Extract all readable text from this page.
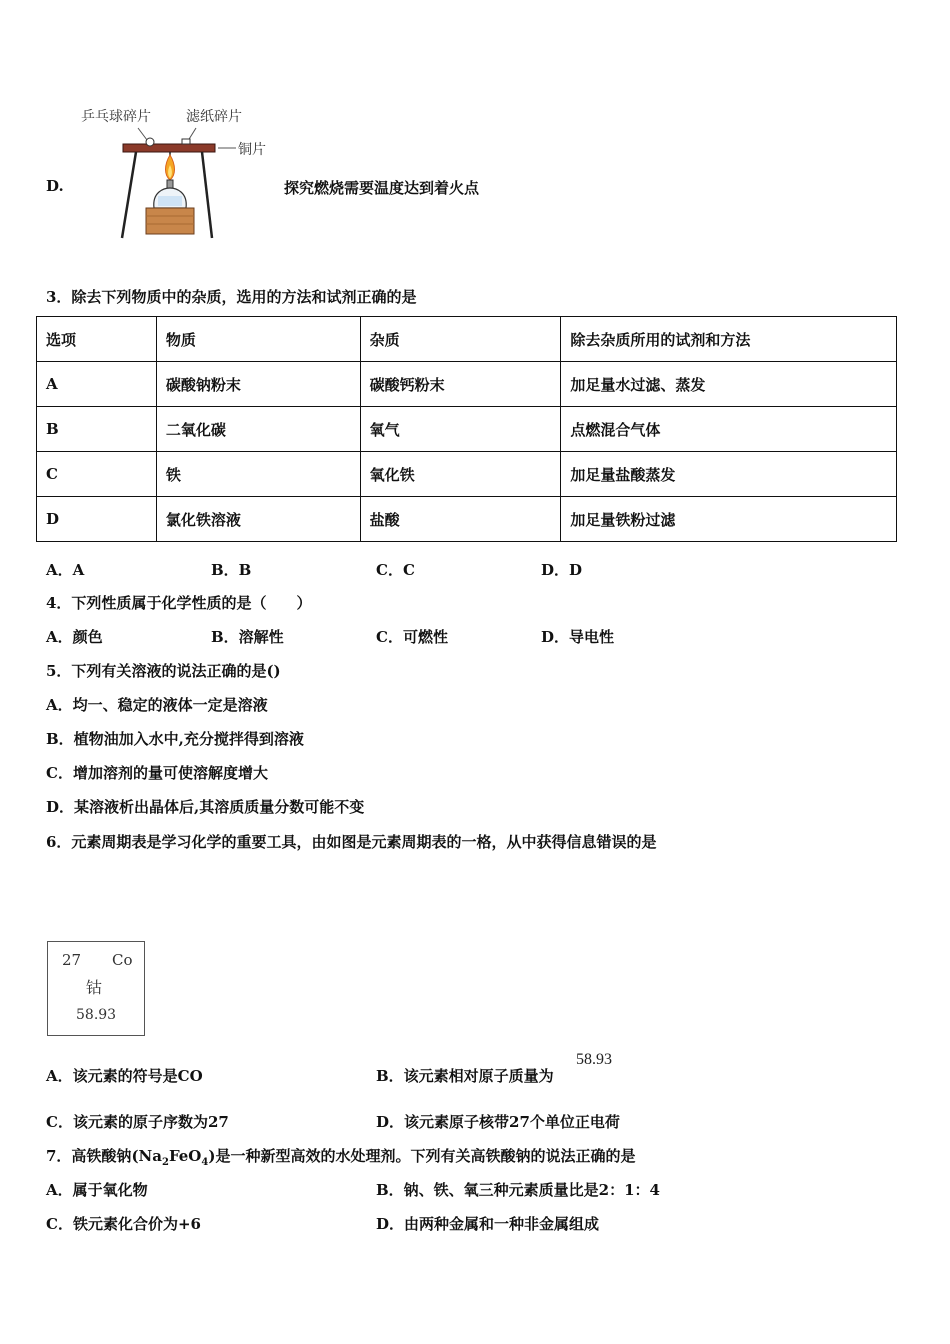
D.
乒乓球碎片	滤纸碎片
铜片
探究燃烧需要温度达到着火点
3．除去下列物质中的杂质，选用的方法和试剂正确的是
选项	物质	杂质	除去杂质所用的试剂和方法
A	碳酸钠粉末	碳酸钙粉末	加足量水过滤、蒸发
B	二氧化碳	氧气	点燃混合气体
C	铁	氧化铁	加足量盐酸蒸发
D	氯化铁溶液	盐酸	加足量铁粉过滤
A．A	B．B	C．C	D．D
4．下列性质属于化学性质的是（　　）
A．颜色	B．溶解性	C．可燃性	D．导电性
5．下列有关溶液的说法正确的是()
A．均一、稳定的液体一定是溶液
B．植物油加入水中,充分搅拌得到溶液
C．增加溶剂的量可使溶解度增大
D．某溶液析出晶体后,其溶质质量分数可能不变
6．元素周期表是学习化学的重要工具，由如图是元素周期表的一格，从中获得信息错误的是
27 Co
钴
58.93
A．该元素的符号是CO	B．该元素相对原子质量为
58.93
C．该元素的原子序数为27	D．该元素原子核带27个单位正电荷
7．高铁酸钠$(Na_2FeO_4)$是一种新型高效的水处理剂。下列有关高铁酸钠的说法正确的是
A．属于氧化物	B．钠、铁、氧三种元素质量比是2：1：4
C．铁元素化合价为+6	D．由两种金属和一种非金属组成
